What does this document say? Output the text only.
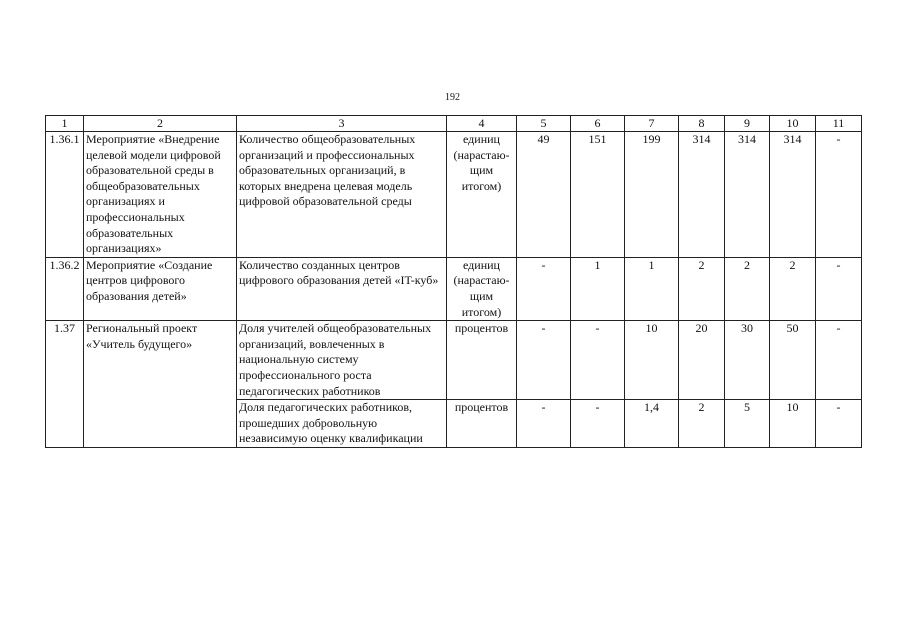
192
1	2	3	4	5	6	7	8	9	10	11
1.36.1	Мероприятие «Внедрение целевой модели цифровой образовательной среды в общеобразовательных организациях и профессиональных образовательных организациях»	Количество общеобразовательных организаций и профессиональных образовательных организаций, в которых внедрена целевая модель цифровой образовательной среды	единиц (нарастаю-щим итогом)	49	151	199	314	314	314	-
1.36.2	Мероприятие «Создание центров цифрового образования детей»	Количество созданных центров цифрового образования детей «IT-куб»	единиц (нарастаю-щим итогом)	-	1	1	2	2	2	-
1.37	Региональный проект «Учитель будущего»	Доля учителей общеобразовательных организаций, вовлеченных в национальную систему профессионального роста педагогических работников	процентов	-	-	10	20	30	50	-
		Доля педагогических работников, прошедших добровольную независимую оценку квалификации	процентов	-	-	1,4	2	5	10	-
